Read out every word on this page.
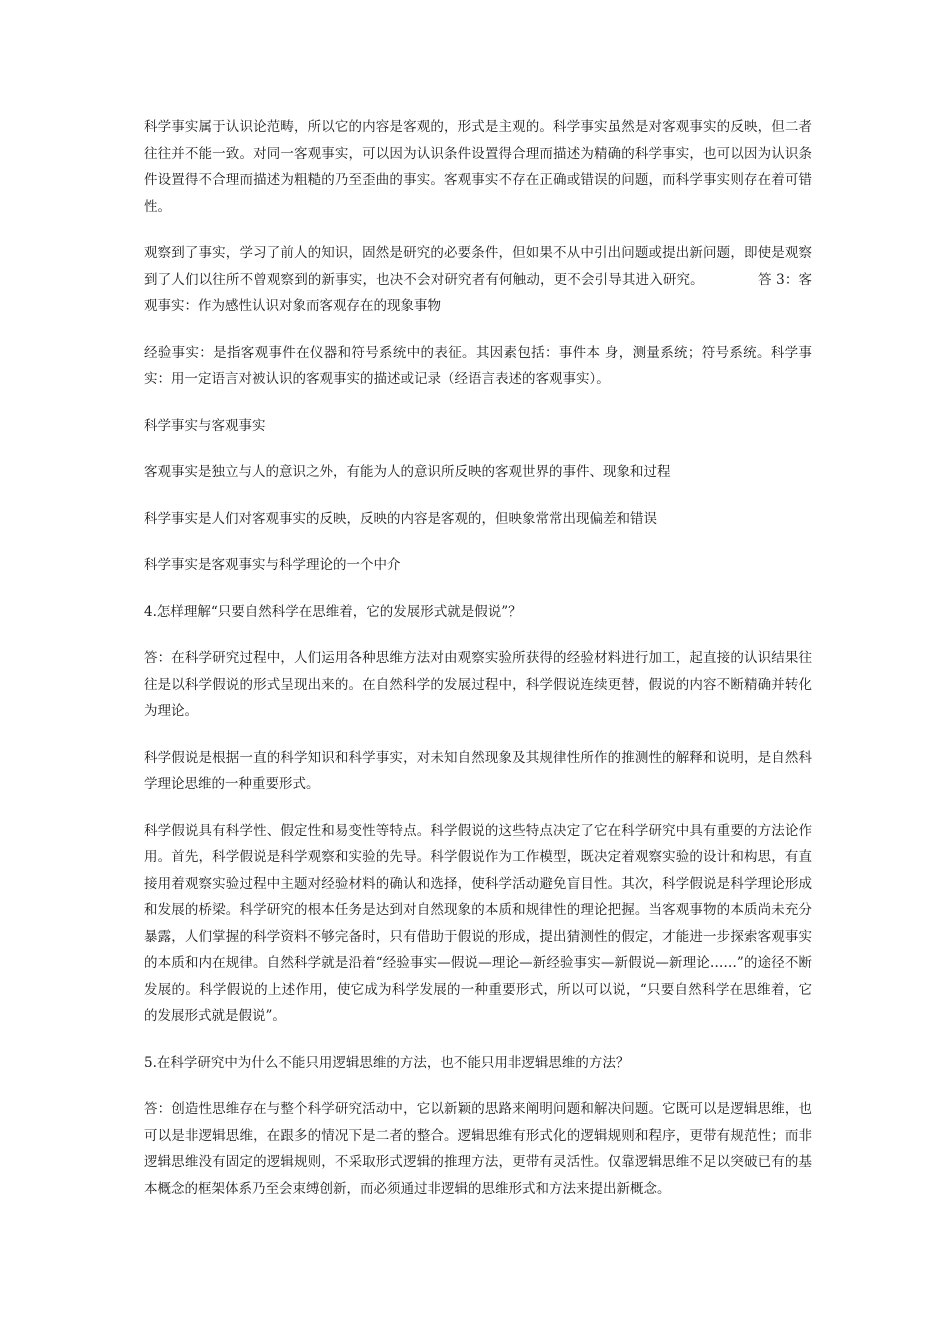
科学事实属于认识论范畴，所以它的内容是客观的，形式是主观的。科学事实虽然是对客观事实的反映，但二者往往并不能一致。对同一客观事实，可以因为认识条件设置得合理而描述为精确的科学事实，也可以因为认识条件设置得不合理而描述为粗糙的乃至歪曲的事实。客观事实不存在正确或错误的问题，而科学事实则存在着可错性。

观察到了事实，学习了前人的知识，固然是研究的必要条件，但如果不从中引出问题或提出新问题，即使是观察到了人们以往所不曾观察到的新事实，也决不会对研究者有何触动，更不会引导其进入研究。	答 3：客观事实：作为感性认识对象而客观存在的现象事物

经验事实：是指客观事件在仪器和符号系统中的表征。其因素包括：事件本 身，测量系统；符号系统。科学事实：用一定语言对被认识的客观事实的描述或记录（经语言表述的客观事实）。

科学事实与客观事实

客观事实是独立与人的意识之外，有能为人的意识所反映的客观世界的事件、现象和过程

科学事实是人们对客观事实的反映，反映的内容是客观的，但映象常常出现偏差和错误

科学事实是客观事实与科学理论的一个中介

4.怎样理解“只要自然科学在思维着，它的发展形式就是假说”？

答：在科学研究过程中，人们运用各种思维方法对由观察实验所获得的经验材料进行加工，起直接的认识结果往往是以科学假说的形式呈现出来的。在自然科学的发展过程中，科学假说连续更替，假说的内容不断精确并转化为理论。

科学假说是根据一直的科学知识和科学事实，对未知自然现象及其规律性所作的推测性的解释和说明，是自然科学理论思维的一种重要形式。

科学假说具有科学性、假定性和易变性等特点。科学假说的这些特点决定了它在科学研究中具有重要的方法论作用。首先，科学假说是科学观察和实验的先导。科学假说作为工作模型，既决定着观察实验的设计和构思，有直接用着观察实验过程中主题对经验材料的确认和选择，使科学活动避免盲目性。其次，科学假说是科学理论形成和发展的桥梁。科学研究的根本任务是达到对自然现象的本质和规律性的理论把握。当客观事物的本质尚未充分暴露，人们掌握的科学资料不够完备时，只有借助于假说的形成，提出猜测性的假定，才能进一步探索客观事实的本质和内在规律。自然科学就是沿着“经验事实—假说—理论—新经验事实—新假说—新理论……”的途径不断发展的。科学假说的上述作用，使它成为科学发展的一种重要形式，所以可以说，“只要自然科学在思维着，它的发展形式就是假说”。

5.在科学研究中为什么不能只用逻辑思维的方法，也不能只用非逻辑思维的方法？

答：创造性思维存在与整个科学研究活动中，它以新颖的思路来阐明问题和解决问题。它既可以是逻辑思维，也可以是非逻辑思维，在跟多的情况下是二者的整合。逻辑思维有形式化的逻辑规则和程序，更带有规范性；而非逻辑思维没有固定的逻辑规则，不采取形式逻辑的推理方法，更带有灵活性。仅靠逻辑思维不足以突破已有的基本概念的框架体系乃至会束缚创新，而必须通过非逻辑的思维形式和方法来提出新概念。
